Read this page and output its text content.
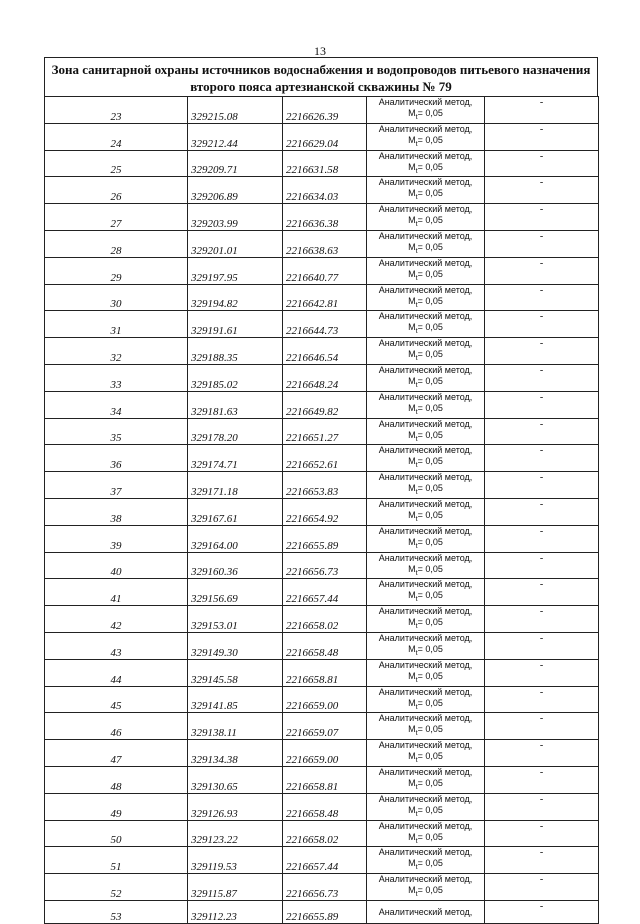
13
Зона санитарной охраны источников водоснабжения и водопроводов питьевого назначения
второго пояса артезианской скважины № 79
23	329215.08	2216626.39	Аналитический метод,
$M_t= 0,05$	-
24	329212.44	2216629.04	Аналитический метод,
$M_t= 0,05$	-
25	329209.71	2216631.58	Аналитический метод,
$M_t= 0,05$	-
26	329206.89	2216634.03	Аналитический метод,
$M_t= 0,05$	-
27	329203.99	2216636.38	Аналитический метод,
$M_t= 0,05$	-
28	329201.01	2216638.63	Аналитический метод,
$M_t= 0,05$	-
29	329197.95	2216640.77	Аналитический метод,
$M_t= 0,05$	-
30	329194.82	2216642.81	Аналитический метод,
$M_t= 0,05$	-
31	329191.61	2216644.73	Аналитический метод,
$M_t= 0,05$	-
32	329188.35	2216646.54	Аналитический метод,
$M_t= 0,05$	-
33	329185.02	2216648.24	Аналитический метод,
$M_t= 0,05$	-
34	329181.63	2216649.82	Аналитический метод,
$M_t= 0,05$	-
35	329178.20	2216651.27	Аналитический метод,
$M_t= 0,05$	-
36	329174.71	2216652.61	Аналитический метод,
$M_t= 0,05$	-
37	329171.18	2216653.83	Аналитический метод,
$M_t= 0,05$	-
38	329167.61	2216654.92	Аналитический метод,
$M_t= 0,05$	-
39	329164.00	2216655.89	Аналитический метод,
$M_t= 0,05$	-
40	329160.36	2216656.73	Аналитический метод,
$M_t= 0,05$	-
41	329156.69	2216657.44	Аналитический метод,
$M_t= 0,05$	-
42	329153.01	2216658.02	Аналитический метод,
$M_t= 0,05$	-
43	329149.30	2216658.48	Аналитический метод,
$M_t= 0,05$	-
44	329145.58	2216658.81	Аналитический метод,
$M_t= 0,05$	-
45	329141.85	2216659.00	Аналитический метод,
$M_t= 0,05$	-
46	329138.11	2216659.07	Аналитический метод,
$M_t= 0,05$	-
47	329134.38	2216659.00	Аналитический метод,
$M_t= 0,05$	-
48	329130.65	2216658.81	Аналитический метод,
$M_t= 0,05$	-
49	329126.93	2216658.48	Аналитический метод,
$M_t= 0,05$	-
50	329123.22	2216658.02	Аналитический метод,
$M_t= 0,05$	-
51	329119.53	2216657.44	Аналитический метод,
$M_t= 0,05$	-
52	329115.87	2216656.73	Аналитический метод,
$M_t= 0,05$	-
53	329112.23	2216655.89	Аналитический метод,	-
